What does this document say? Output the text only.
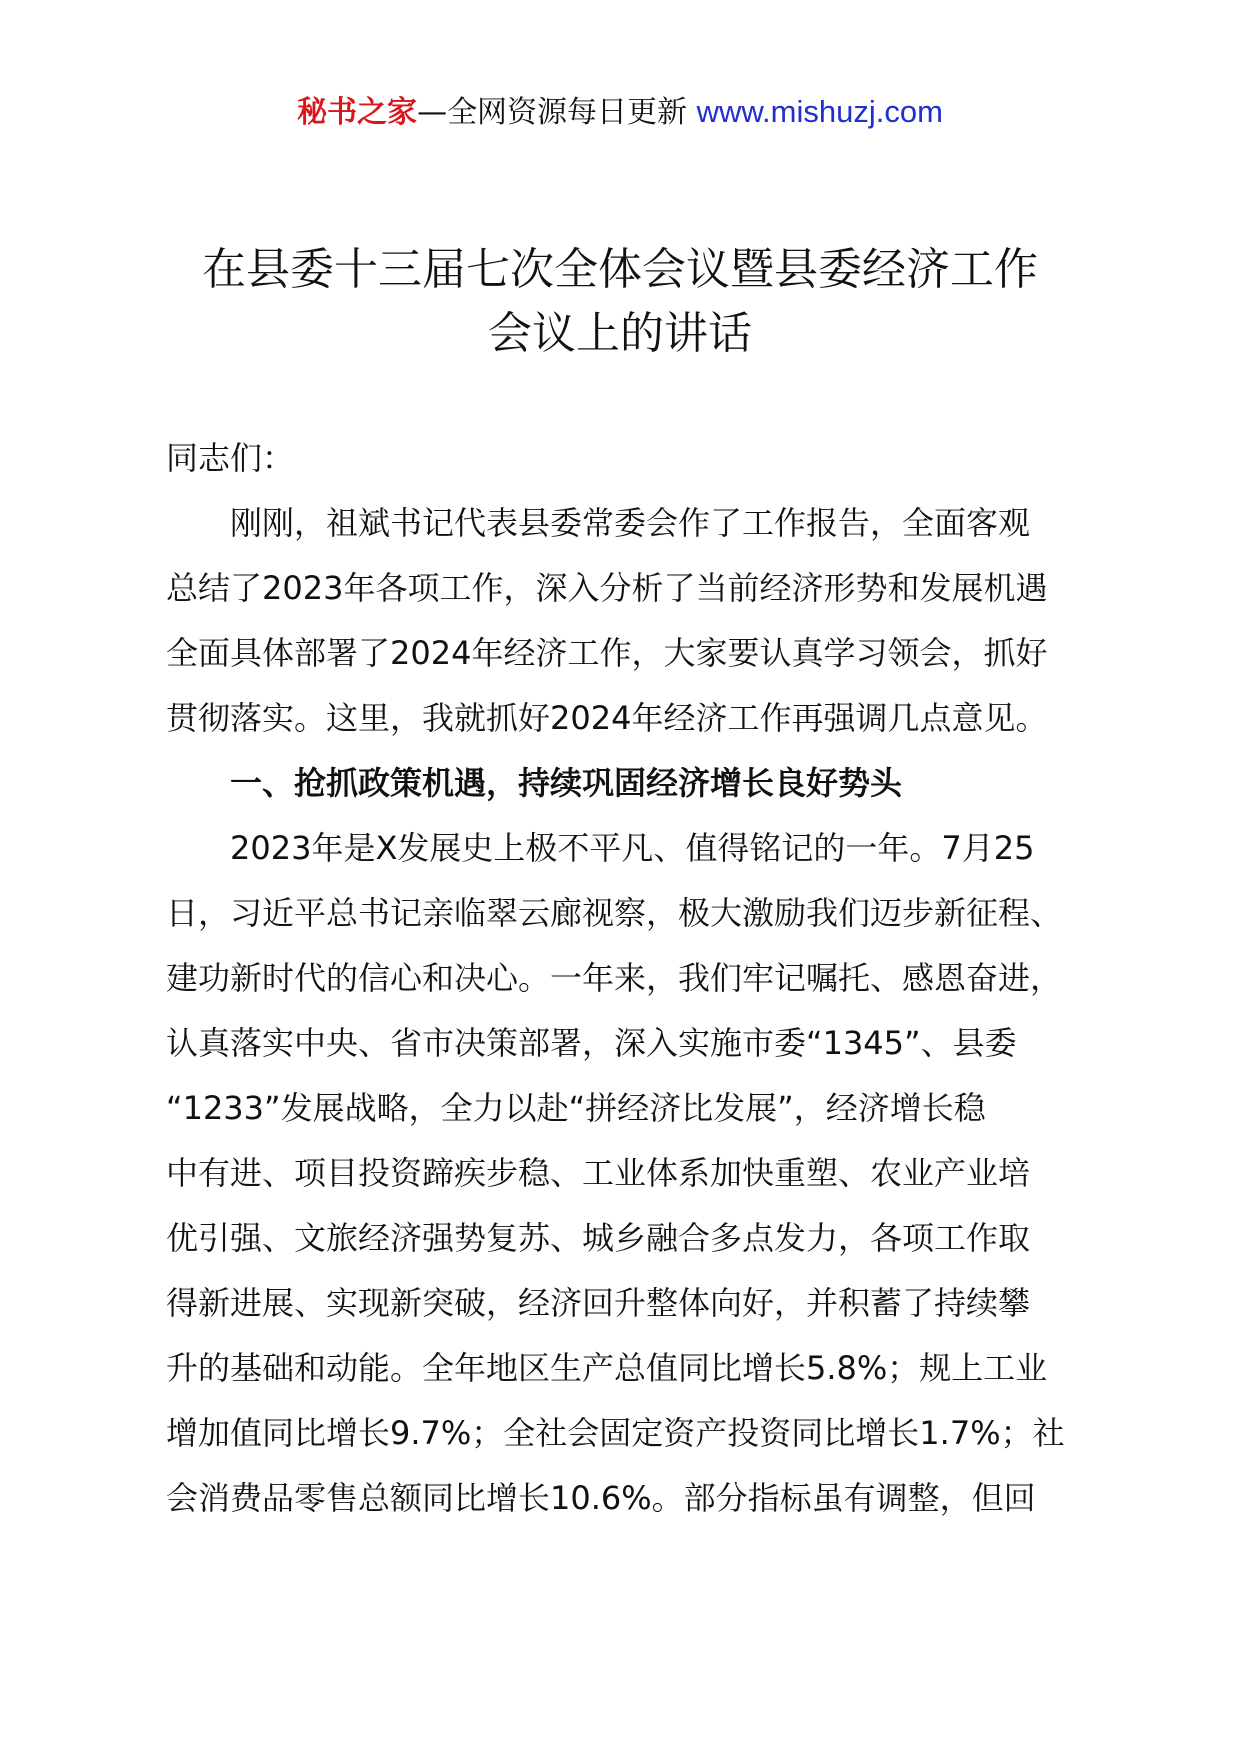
秘书之家—全网资源每日更新 www.mishuzj.com
在县委十三届七次全体会议暨县委经济工作
会议上的讲话
同志们：
刚刚，祖斌书记代表县委常委会作了工作报告，全面客观
总结了2023年各项工作，深入分析了当前经济形势和发展机遇
全面具体部署了2024年经济工作，大家要认真学习领会，抓好
贯彻落实。这里，我就抓好2024年经济工作再强调几点意见。
一、抢抓政策机遇，持续巩固经济增长良好势头
2023年是X发展史上极不平凡、值得铭记的一年。7月25
日，习近平总书记亲临翠云廊视察，极大激励我们迈步新征程、
建功新时代的信心和决心。一年来，我们牢记嘱托、感恩奋进，
认真落实中央、省市决策部署，深入实施市委“1345”、县委
“1233”发展战略，全力以赴“拼经济比发展”，经济增长稳
中有进、项目投资蹄疾步稳、工业体系加快重塑、农业产业培
优引强、文旅经济强势复苏、城乡融合多点发力，各项工作取
得新进展、实现新突破，经济回升整体向好，并积蓄了持续攀
升的基础和动能。全年地区生产总值同比增长5.8%；规上工业
增加值同比增长9.7%；全社会固定资产投资同比增长1.7%；社
会消费品零售总额同比增长10.6%。部分指标虽有调整，但回
